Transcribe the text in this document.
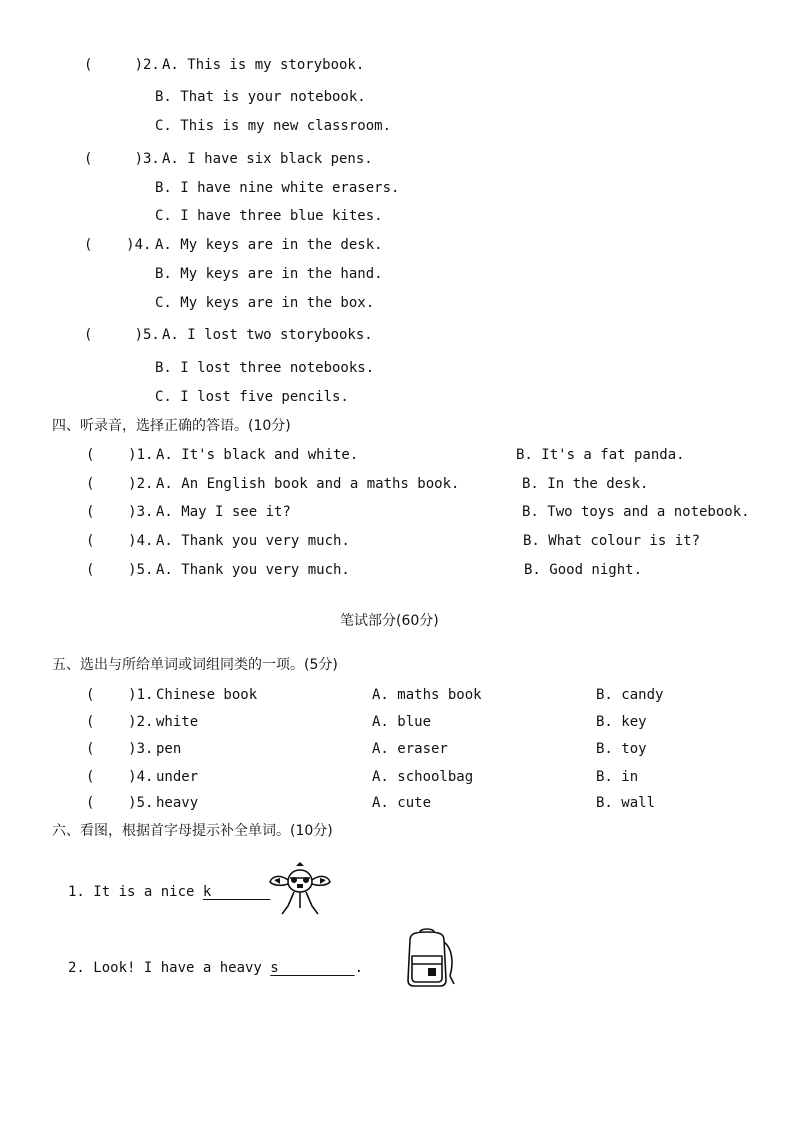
(     )2. A. This is my storybook.
B. That is your notebook.
C. This is my new classroom.
(     )3. A. I have six black pens.
B. I have nine white erasers.
C. I have three blue kites.
(    )4. A. My keys are in the desk.
B. My keys are in the hand.
C. My keys are in the box.
(     )5. A. I lost two storybooks.
B. I lost three notebooks.
C. I lost five pencils.
四、听录音，选择正确的答语。(10分)
(    )1. A. It's black and white.	B. It's a fat panda.
(    )2. A. An English book and a maths book.	B. In the desk.
(    )3. A. May I see it?	B. Two toys and a notebook.
(    )4. A. Thank you very much.	B. What colour is it?
(    )5. A. Thank you very much.	B. Good night.
笔试部分(60分)
五、选出与所给单词或词组同类的一项。(5分)
(    )1. Chinese book	A. maths book	B. candy
(    )2. white	A. blue	B. key
(    )3. pen	A. eraser	B. toy
(    )4. under	A. schoolbag	B. in
(    )5. heavy	A. cute	B. wall
六、看图，根据首字母提示补全单词。(10分)
1. It is a nice k
2. Look! I have a heavy s         .
